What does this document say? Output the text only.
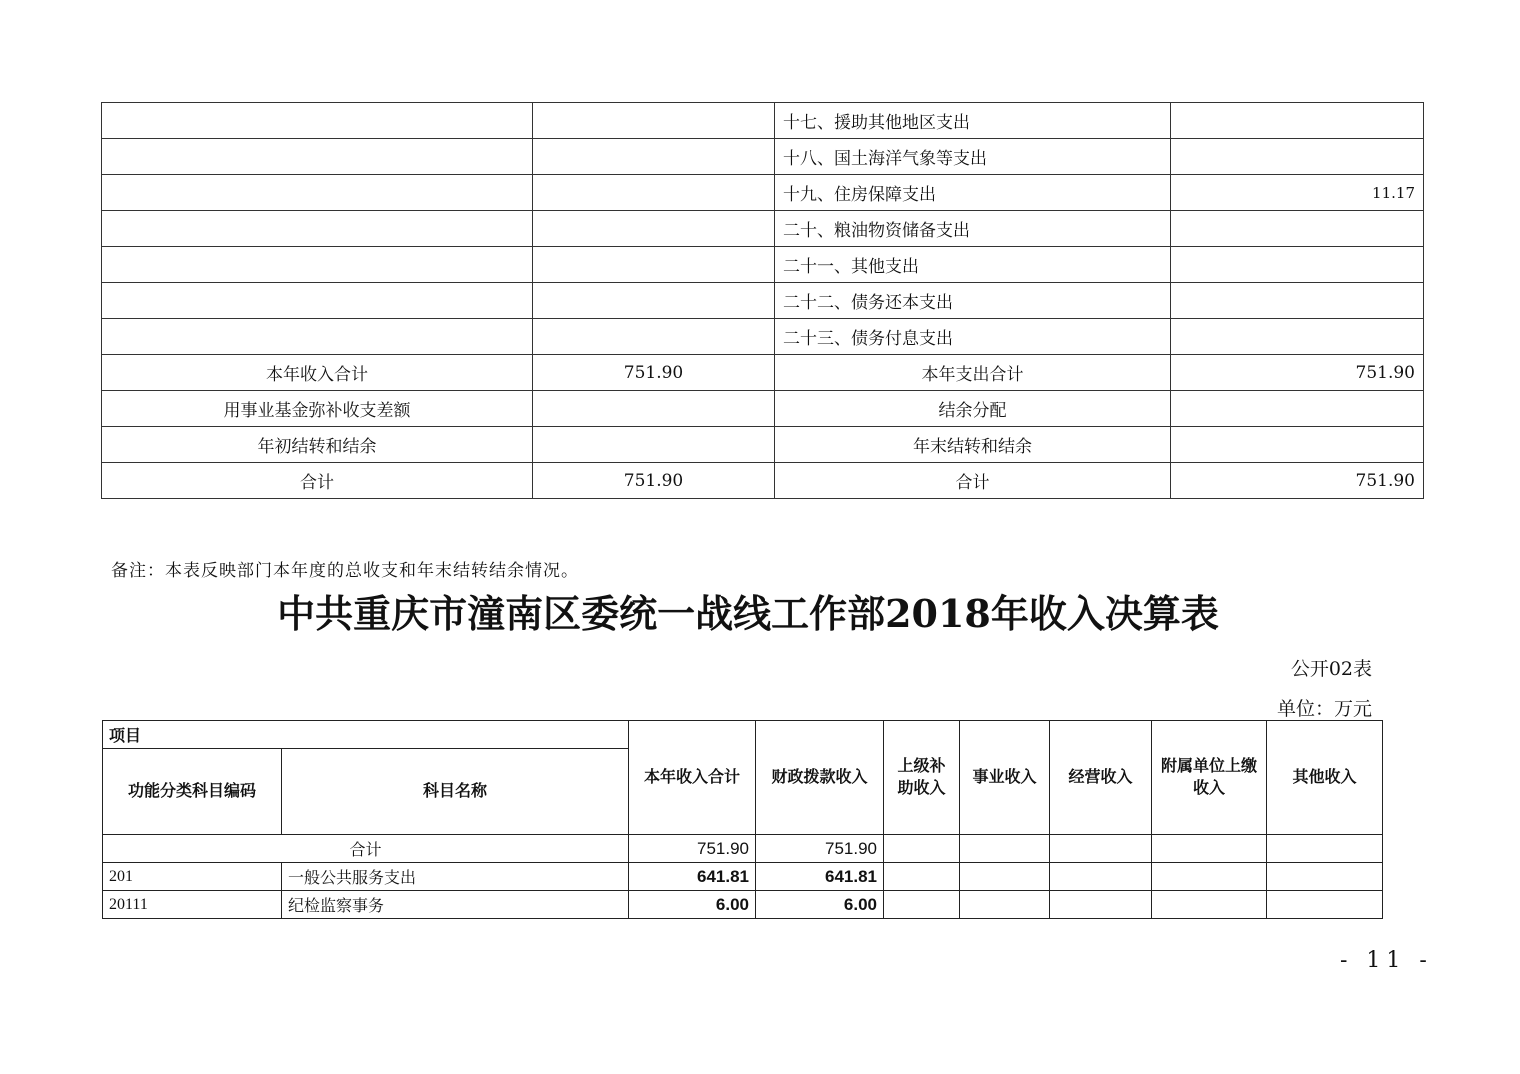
		十七、援助其他地区支出	
		十八、国土海洋气象等支出	
		十九、住房保障支出	11.17
		二十、粮油物资储备支出	
		二十一、其他支出	
		二十二、债务还本支出	
		二十三、债务付息支出	
本年收入合计	751.90	本年支出合计	751.90
用事业基金弥补收支差额		结余分配	
年初结转和结余		年末结转和结余	
合计	751.90	合计	751.90
备注：本表反映部门本年度的总收支和年末结转结余情况。
中共重庆市潼南区委统一战线工作部2018年收入决算表
公开02表
单位：万元
项目		本年收入合计	财政拨款收入	上级补助收入	事业收入	经营收入	附属单位上缴收入	其他收入
功能分类科目编码	科目名称							
合计		751.90	751.90					
201	一般公共服务支出	641.81	641.81					
20111	纪检监察事务	6.00	6.00					
- 11 -
